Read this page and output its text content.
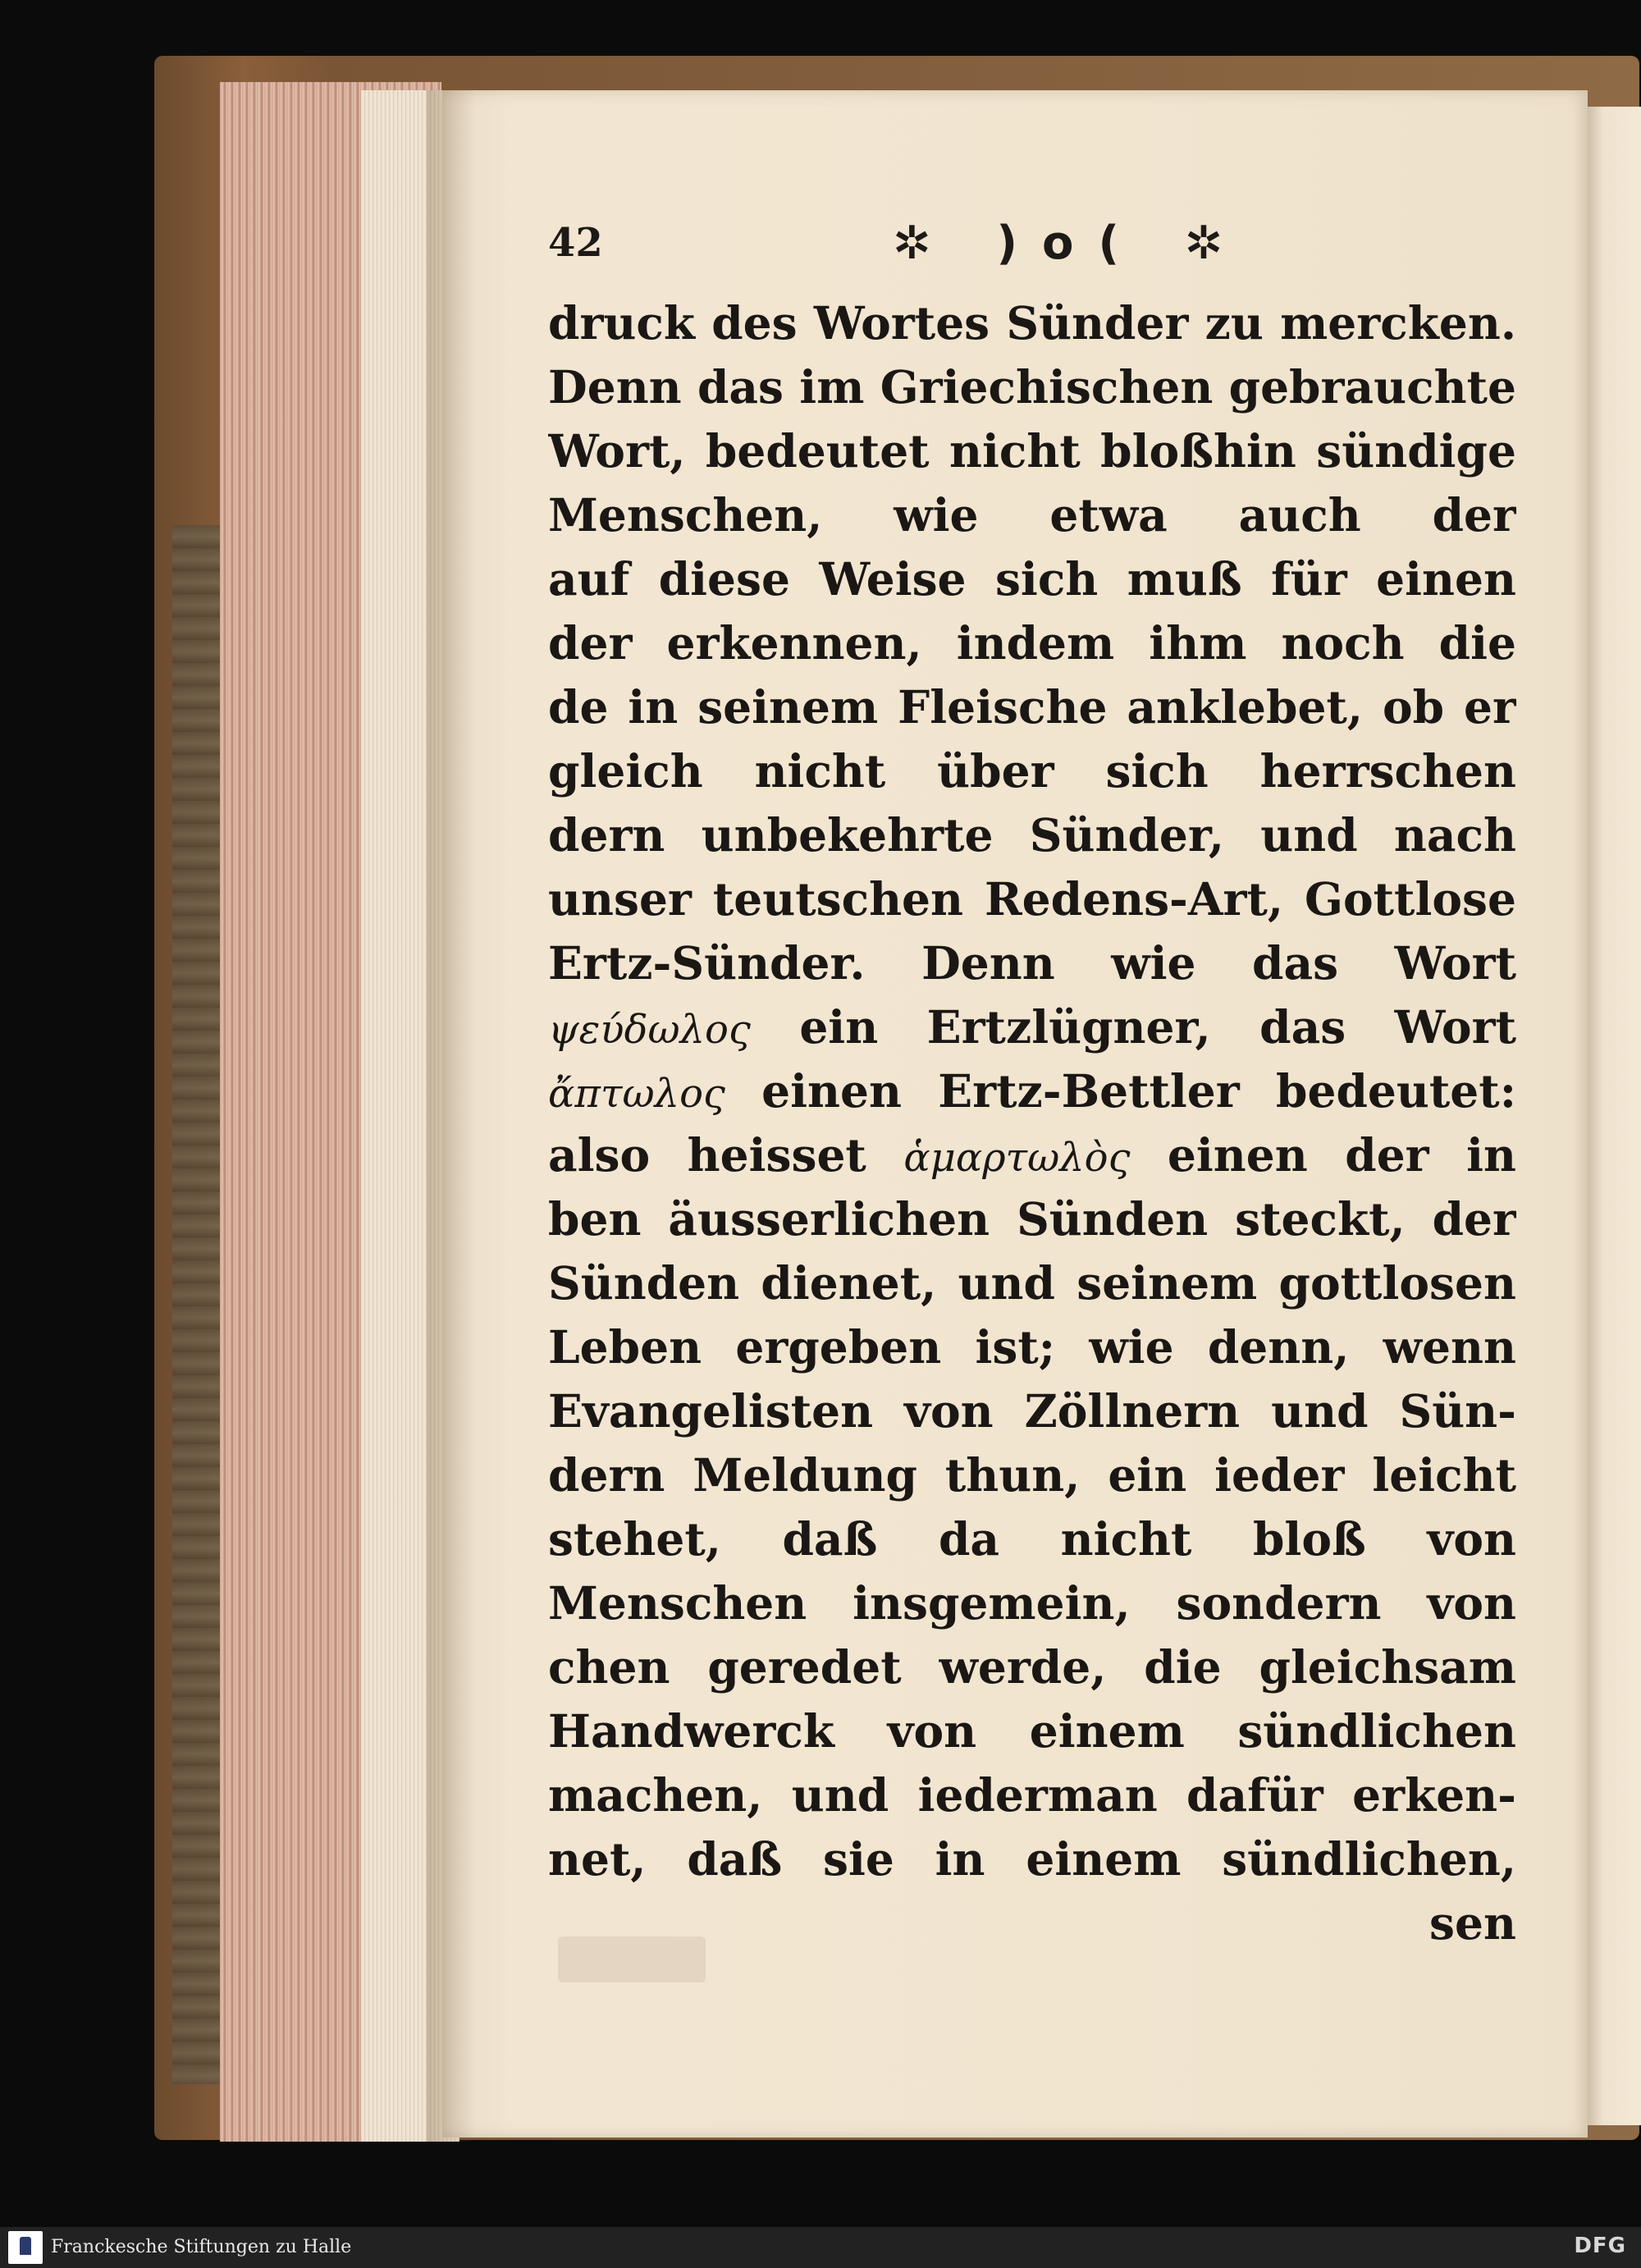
42	✲ )o( ✲
druck des Wortes Sünder zu mercken.
Denn das im Griechischen gebrauchte
Wort, bedeutet nicht bloßhin sündige
Menschen, wie etwa auch der
auf diese Weise sich muß für einen
der erkennen, indem ihm noch die
de in seinem Fleische anklebet, ob er
gleich nicht über sich herrschen
dern unbekehrte Sünder, und nach
unser teutschen Redens-Art, Gottlose
Ertz-Sünder. Denn wie das Wort
ψεύδωλος ein Ertzlügner, das Wort
ἄπτωλος einen Ertz-Bettler bedeutet:
also heisset ἁμαρτωλὸς einen der in
ben äusserlichen Sünden steckt, der
Sünden dienet, und seinem gottlosen
Leben ergeben ist; wie denn, wenn
Evangelisten von Zöllnern und Sün-
dern Meldung thun, ein ieder leicht
stehet, daß da nicht bloß von
Menschen insgemein, sondern von
chen geredet werde, die gleichsam
Handwerck von einem sündlichen
machen, und iederman dafür erken-
net, daß sie in einem sündlichen,
sen
Franckesche Stiftungen zu Halle	DFG
